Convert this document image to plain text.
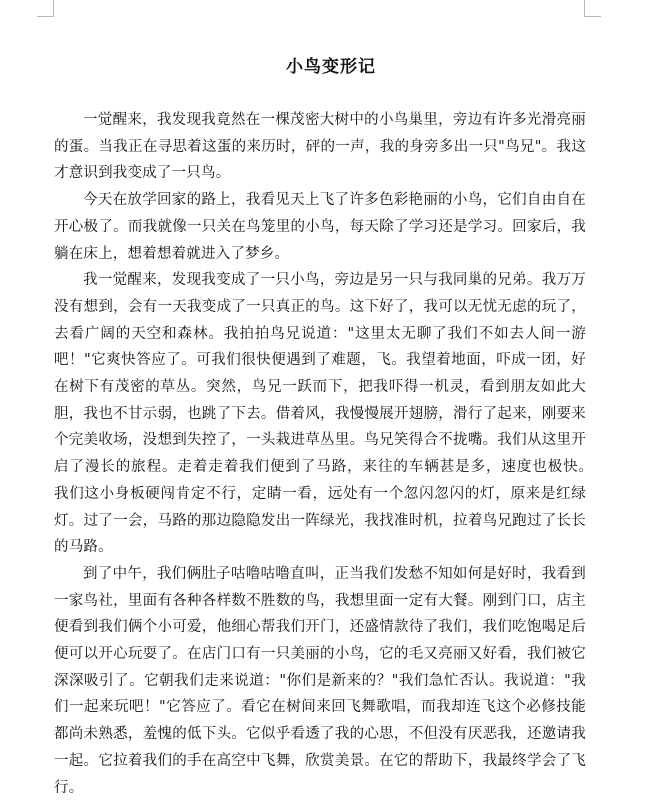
小鸟变形记

一觉醒来，我发现我竟然在一棵茂密大树中的小鸟巢里，旁边有许多光滑亮丽的蛋。当我正在寻思着这蛋的来历时，砰的一声，我的身旁多出一只"鸟兄"。我这才意识到我变成了一只鸟。

今天在放学回家的路上，我看见天上飞了许多色彩艳丽的小鸟，它们自由自在开心极了。而我就像一只关在鸟笼里的小鸟，每天除了学习还是学习。回家后，我躺在床上，想着想着就进入了梦乡。

我一觉醒来，发现我变成了一只小鸟，旁边是另一只与我同巢的兄弟。我万万没有想到，会有一天我变成了一只真正的鸟。这下好了，我可以无忧无虑的玩了，去看广阔的天空和森林。我拍拍鸟兄说道："这里太无聊了我们不如去人间一游吧！"它爽快答应了。可我们很快便遇到了难题，飞。我望着地面，吓成一团，好在树下有茂密的草丛。突然，鸟兄一跃而下，把我吓得一机灵，看到朋友如此大胆，我也不甘示弱，也跳了下去。借着风，我慢慢展开翅膀，滑行了起来，刚要来个完美收场，没想到失控了，一头栽进草丛里。鸟兄笑得合不拢嘴。我们从这里开启了漫长的旅程。走着走着我们便到了马路，来往的车辆甚是多，速度也极快。　我们这小身板硬闯肯定不行，定睛一看，远处有一个忽闪忽闪的灯，原来是红绿灯。过了一会，马路的那边隐隐发出一阵绿光，我找准时机，拉着鸟兄跑过了长长的马路。

到了中午，我们俩肚子咕噜咕噜直叫，正当我们发愁不知如何是好时，我看到一家鸟社，里面有各种各样数不胜数的鸟，我想里面一定有大餐。刚到门口，店主便看到我们俩个小可爱，他细心帮我们开门，还盛情款待了我们，我们吃饱喝足后便可以开心玩耍了。在店门口有一只美丽的小鸟，它的毛又亮丽又好看，我们被它深深吸引了。它朝我们走来说道："你们是新来的？"我们急忙否认。我说道："我们一起来玩吧！"它答应了。看它在树间来回飞舞歌唱，而我却连飞这个必修技能都尚未熟悉，羞愧的低下头。它似乎看透了我的心思，不但没有厌恶我，还邀请我一起。它拉着我们的手在高空中飞舞，欣赏美景。在它的帮助下，我最终学会了飞行。
